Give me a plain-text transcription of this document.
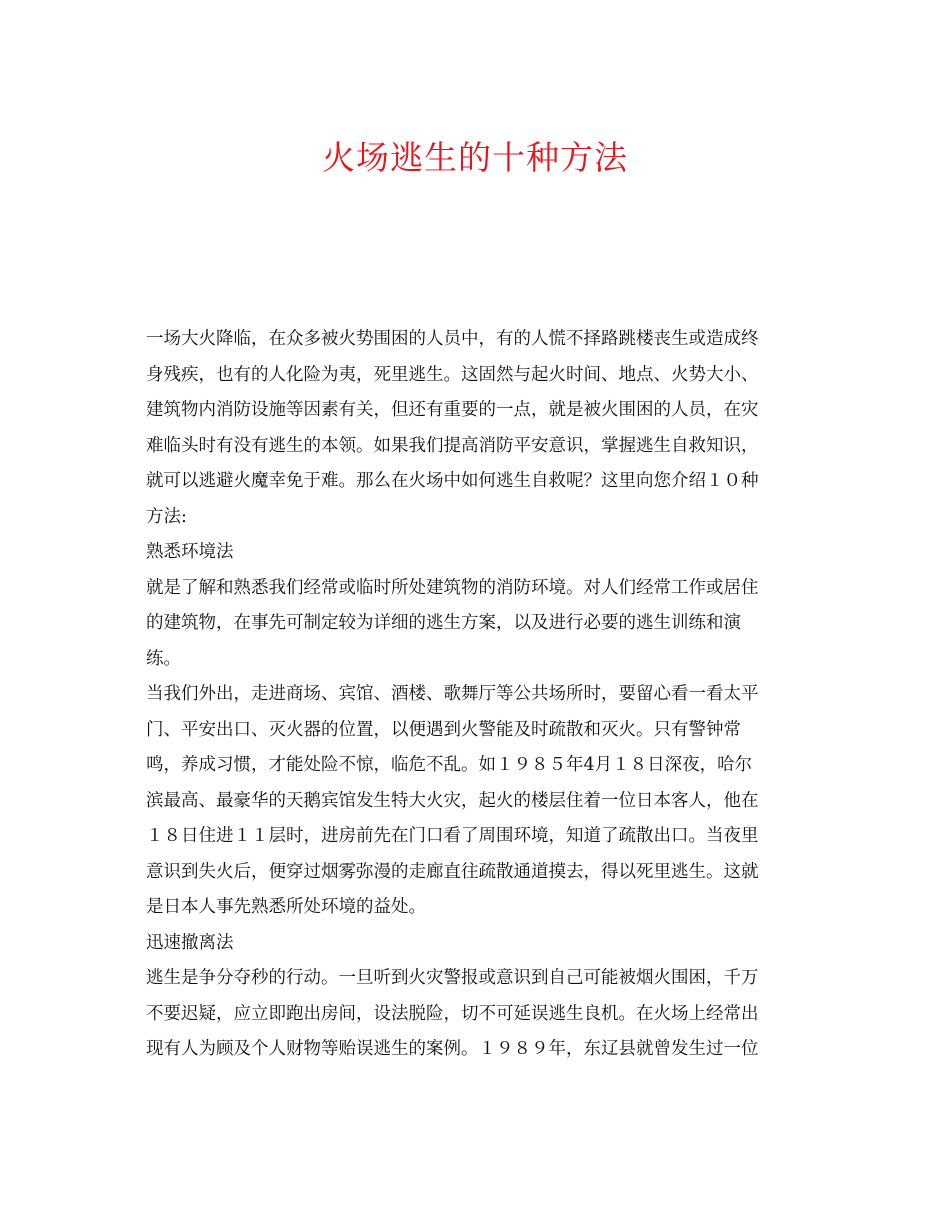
火场逃生的十种方法
一场大火降临，在众多被火势围困的人员中，有的人慌不择路跳楼丧生或造成终
身残疾，也有的人化险为夷，死里逃生。这固然与起火时间、地点、火势大小、
建筑物内消防设施等因素有关，但还有重要的一点，就是被火围困的人员，在灾
难临头时有没有逃生的本领。如果我们提高消防平安意识，掌握逃生自救知识，
就可以逃避火魔幸免于难。那么在火场中如何逃生自救呢？这里向您介绍１０种
方法:
熟悉环境法
就是了解和熟悉我们经常或临时所处建筑物的消防环境。对人们经常工作或居住
的建筑物，在事先可制定较为详细的逃生方案，以及进行必要的逃生训练和演
练。
当我们外出，走进商场、宾馆、酒楼、歌舞厅等公共场所时，要留心看一看太平
门、平安出口、灭火器的位置，以便遇到火警能及时疏散和灭火。只有警钟常
鸣，养成习惯，才能处险不惊，临危不乱。如１９８５年4月１８日深夜，哈尔
滨最高、最豪华的天鹅宾馆发生特大火灾，起火的楼层住着一位日本客人，他在
１８日住进１１层时，进房前先在门口看了周围环境，知道了疏散出口。当夜里
意识到失火后，便穿过烟雾弥漫的走廊直往疏散通道摸去，得以死里逃生。这就
是日本人事先熟悉所处环境的益处。
迅速撤离法
逃生是争分夺秒的行动。一旦听到火灾警报或意识到自己可能被烟火围困，千万
不要迟疑，应立即跑出房间，设法脱险，切不可延误逃生良机。在火场上经常出
现有人为顾及个人财物等贻误逃生的案例。１９８９年，东辽县就曾发生过一位
